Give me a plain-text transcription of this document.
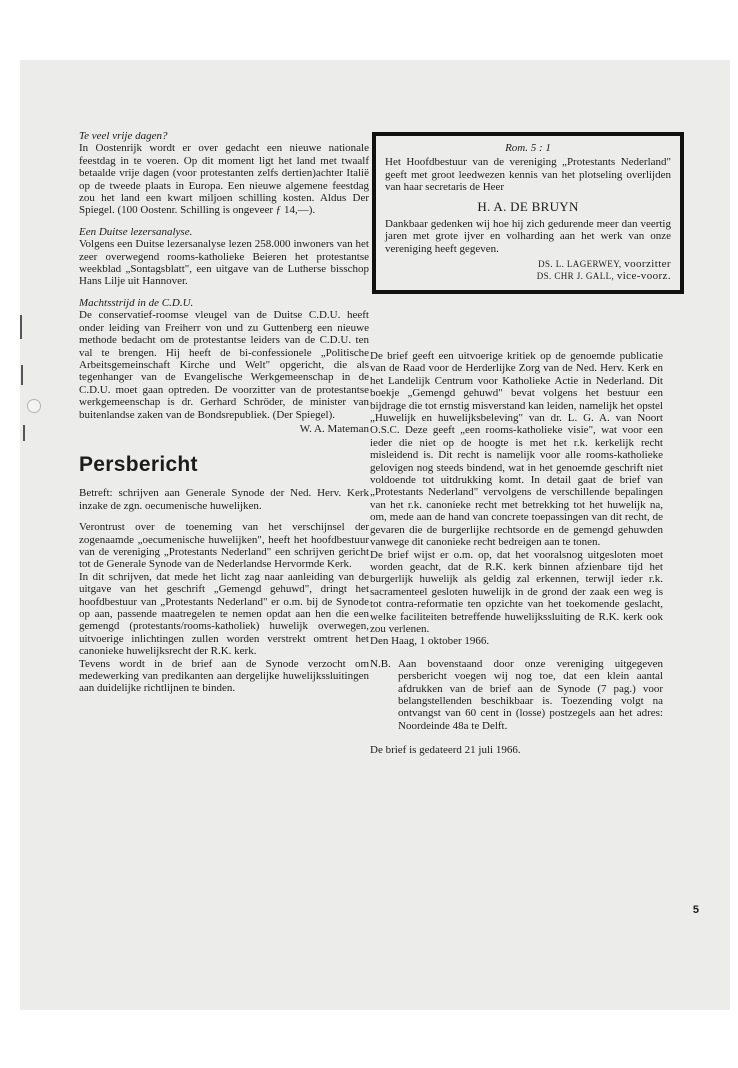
Te veel vrije dagen?

In Oostenrijk wordt er over gedacht een nieuwe nationale feestdag in te voeren. Op dit moment ligt het land met twaalf betaalde vrije dagen (voor protestanten zelfs dertien)achter Italië op de tweede plaats in Europa. Een nieuwe algemene feestdag zou het land een kwart miljoen schilling kosten. Aldus Der Spiegel. (100 Oostenr. Schilling is ongeveer ƒ 14,—).

Een Duitse lezersanalyse.

Volgens een Duitse lezersanalyse lezen 258.000 inwoners van het zeer overwegend rooms-katholieke Beieren het protestantse weekblad „Sontagsblatt", een uitgave van de Lutherse bisschop Hans Lilje uit Hannover.

Machtsstrijd in de C.D.U.

De conservatief-roomse vleugel van de Duitse C.D.U. heeft onder leiding van Freiherr von und zu Guttenberg een nieuwe methode bedacht om de protestantse leiders van de C.D.U. ten val te brengen. Hij heeft de bi-confessionele „Politische Arbeitsgemeinschaft Kirche und Welt" opgericht, die als tegenhanger van de Evangelische Werkgemeenschap in de C.D.U. moet gaan optreden. De voorzitter van de protestantse werkgemeenschap is dr. Gerhard Schröder, de minister van buitenlandse zaken van de Bondsrepubliek. (Der Spiegel).

W. A. Mateman
Persbericht

Betreft: schrijven aan Generale Synode der Ned. Herv. Kerk inzake de zgn. oecumenische huwelijken.

Verontrust over de toeneming van het verschijnsel der zogenaamde „oecumenische huwelijken", heeft het hoofdbestuur van de vereniging „Protestants Nederland" een schrijven gericht tot de Generale Synode van de Nederlandse Hervormde Kerk.

In dit schrijven, dat mede het licht zag naar aanleiding van de uitgave van het geschrift „Gemengd gehuwd", dringt het hoofdbestuur van „Protestants Nederland" er o.m. bij de Synode op aan, passende maatregelen te nemen opdat aan hen die een gemengd (protestants/rooms-katholiek) huwelijk overwegen, uitvoerige inlichtingen zullen worden verstrekt omtrent het canonieke huwelijksrecht der R.K. kerk.

Tevens wordt in de brief aan de Synode verzocht om medewerking van predikanten aan dergelijke huwelijkssluitingen aan duidelijke richtlijnen te binden.

Rom. 5 : 1

Het Hoofdbestuur van de vereniging „Protestants Nederland" geeft met groot leedwezen kennis van het plotseling overlijden van haar secretaris de Heer

H. A. DE BRUYN

Dankbaar gedenken wij hoe hij zich gedurende meer dan veertig jaren met grote ijver en volharding aan het werk van onze vereniging heeft gegeven.

DS. L. LAGERWEY, voorzitter
DS. CHR J. GALL, vice-voorz.

De brief geeft een uitvoerige kritiek op de genoemde publicatie van de Raad voor de Herderlijke Zorg van de Ned. Herv. Kerk en het Landelijk Centrum voor Katholieke Actie in Nederland. Dit boekje „Gemengd gehuwd" bevat volgens het bestuur een bijdrage die tot ernstig misverstand kan leiden, namelijk het opstel „Huwelijk en huwelijksbeleving" van dr. L. G. A. van Noort O.S.C. Deze geeft „een rooms-katholieke visie", wat voor een ieder die niet op de hoogte is met het r.k. kerkelijk recht misleidend is. Dit recht is namelijk voor alle rooms-katholieke gelovigen nog steeds bindend, wat in het genoemde geschrift niet voldoende tot uitdrukking komt. In detail gaat de brief van „Protestants Nederland" vervolgens de verschillende bepalingen van het r.k. canonieke recht met betrekking tot het huwelijk na, om, mede aan de hand van concrete toepassingen van dit recht, de gevaren die de burgerlijke rechtsorde en de gemengd gehuwden vanwege dit canonieke recht bedreigen aan te tonen.

De brief wijst er o.m. op, dat het vooralsnog uitgesloten moet worden geacht, dat de R.K. kerk binnen afzienbare tijd het burgerlijk huwelijk als geldig zal erkennen, terwijl ieder r.k. sacramenteel gesloten huwelijk in de grond der zaak een weg is tot contra-reformatie ten opzichte van het toekomende geslacht, welke faciliteiten betreffende huwelijkssluiting de R.K. kerk ook zou verlenen.

Den Haag, 1 oktober 1966.

N.B. Aan bovenstaand door onze vereniging uitgegeven persbericht voegen wij nog toe, dat een klein aantal afdrukken van de brief aan de Synode (7 pag.) voor belangstellenden beschikbaar is. Toezending volgt na ontvangst van 60 cent in (losse) postzegels aan het adres: Noordeinde 48a te Delft.

De brief is gedateerd 21 juli 1966.

5
